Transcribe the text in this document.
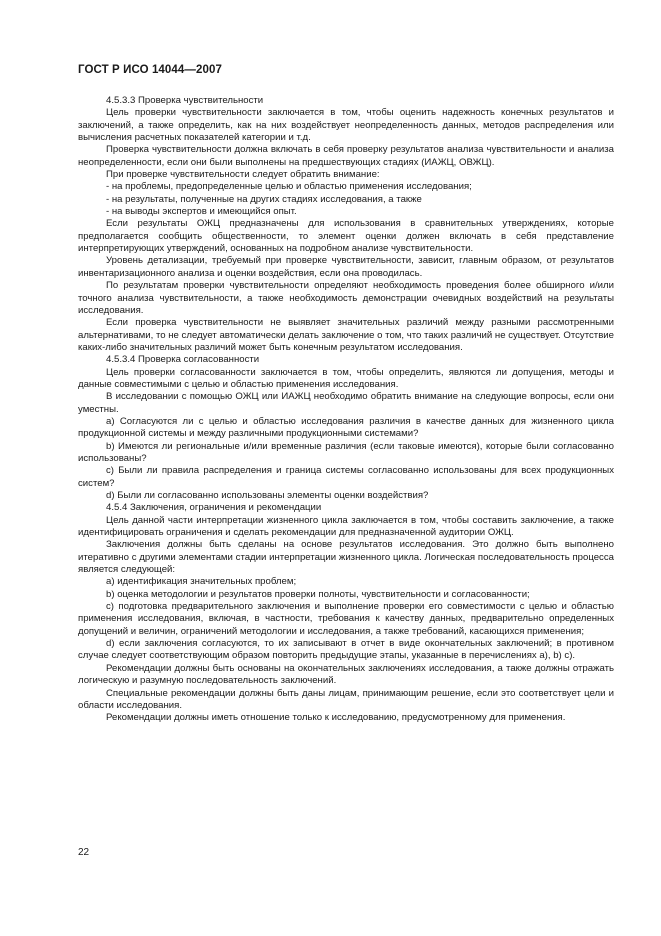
ГОСТ Р ИСО 14044—2007

4.5.3.3 Проверка чувствительности

Цель проверки чувствительности заключается в том, чтобы оценить надежность конечных результатов и заключений, а также определить, как на них воздействует неопределенность данных, методов распределения или вычисления расчетных показателей категории и т.д.

Проверка чувствительности должна включать в себя проверку результатов анализа чувствительности и анализа неопределенности, если они были выполнены на предшествующих стадиях (ИАЖЦ, ОВЖЦ).

При проверке чувствительности следует обратить внимание:

- на проблемы, предопределенные целью и областью применения исследования;

- на результаты, полученные на других стадиях исследования, а также

- на выводы экспертов и имеющийся опыт.

Если результаты ОЖЦ предназначены для использования в сравнительных утверждениях, которые предполагается сообщить общественности, то элемент оценки должен включать в себя представление интерпретирующих утверждений, основанных на подробном анализе чувствительности.

Уровень детализации, требуемый при проверке чувствительности, зависит, главным образом, от результатов инвентаризационного анализа и оценки воздействия, если она проводилась.

По результатам проверки чувствительности определяют необходимость проведения более обширного и/или точного анализа чувствительности, а также необходимость демонстрации очевидных воздействий на результаты исследования.

Если проверка чувствительности не выявляет значительных различий между разными рассмотренными альтернативами, то не следует автоматически делать заключение о том, что таких различий не существует. Отсутствие каких-либо значительных различий может быть конечным результатом исследования.

4.5.3.4 Проверка согласованности

Цель проверки согласованности заключается в том, чтобы определить, являются ли допущения, методы и данные совместимыми с целью и областью применения исследования.

В исследовании с помощью ОЖЦ или ИАЖЦ необходимо обратить внимание на следующие вопросы, если они уместны.

a) Согласуются ли с целью и областью исследования различия в качестве данных для жизненного цикла продукционной системы и между различными продукционными системами?

b) Имеются ли региональные и/или временные различия (если таковые имеются), которые были согласованно использованы?

c) Были ли правила распределения и граница системы согласованно использованы для всех продукционных систем?

d) Были ли согласованно использованы элементы оценки воздействия?

4.5.4 Заключения, ограничения и рекомендации

Цель данной части интерпретации жизненного цикла заключается в том, чтобы составить заключение, а также идентифицировать ограничения и сделать рекомендации для предназначенной аудитории ОЖЦ.

Заключения должны быть сделаны на основе результатов исследования. Это должно быть выполнено итеративно с другими элементами стадии интерпретации жизненного цикла. Логическая последовательность процесса является следующей:

a) идентификация значительных проблем;

b) оценка методологии и результатов проверки полноты, чувствительности и согласованности;

c) подготовка предварительного заключения и выполнение проверки его совместимости с целью и областью применения исследования, включая, в частности, требования к качеству данных, предварительно определенных допущений и величин, ограничений методологии и исследования, а также требований, касающихся применения;

d) если заключения согласуются, то их записывают в отчет в виде окончательных заключений; в противном случае следует соответствующим образом повторить предыдущие этапы, указанные в перечислениях a), b) c).

Рекомендации должны быть основаны на окончательных заключениях исследования, а также должны отражать логическую и разумную последовательность заключений.

Специальные рекомендации должны быть даны лицам, принимающим решение, если это соответствует цели и области исследования.

Рекомендации должны иметь отношение только к исследованию, предусмотренному для применения.

22
